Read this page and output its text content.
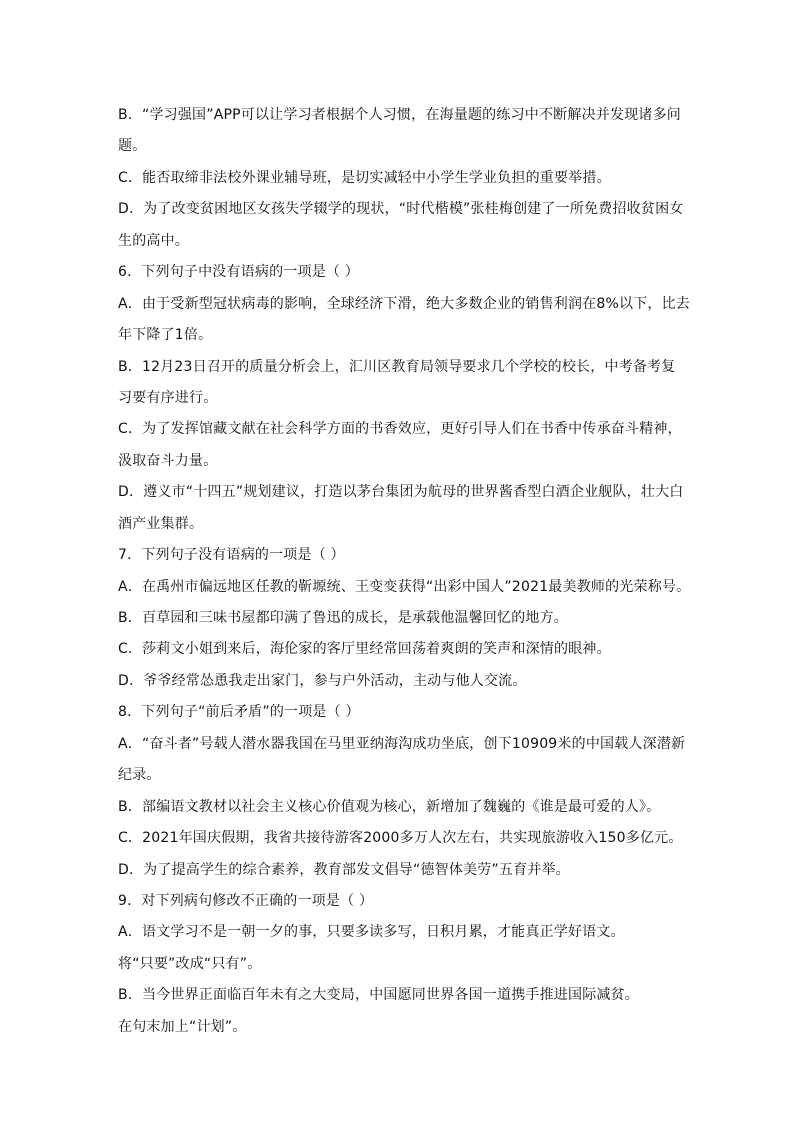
B．“学习强国”APP可以让学习者根据个人习惯，在海量题的练习中不断解决并发现诸多问
题。
C．能否取缔非法校外课业辅导班，是切实减轻中小学生学业负担的重要举措。
D．为了改变贫困地区女孩失学辍学的现状，“时代楷模”张桂梅创建了一所免费招收贫困女
生的高中。
6．下列句子中没有语病的一项是（ ）
A．由于受新型冠状病毒的影响，全球经济下滑，绝大多数企业的销售利润在8%以下，比去
年下降了1倍。
B．12月23日召开的质量分析会上，汇川区教育局领导要求几个学校的校长，中考备考复
习要有序进行。
C．为了发挥馆藏文献在社会科学方面的书香效应，更好引导人们在书香中传承奋斗精神，
汲取奋斗力量。
D．遵义市“十四五”规划建议，打造以茅台集团为航母的世界酱香型白酒企业舰队，壮大白
酒产业集群。
7．下列句子没有语病的一项是（ ）
A．在禹州市偏远地区任教的靳塬统、王变变获得“出彩中国人”2021最美教师的光荣称号。
B．百草园和三味书屋都印满了鲁迅的成长，是承载他温馨回忆的地方。
C．莎莉文小姐到来后，海伦家的客厅里经常回荡着爽朗的笑声和深情的眼神。
D．爷爷经常怂恿我走出家门，参与户外活动，主动与他人交流。
8．下列句子“前后矛盾”的一项是（ ）
A．“奋斗者”号载人潜水器我国在马里亚纳海沟成功坐底，创下10909米的中国载人深潜新
纪录。
B．部编语文教材以社会主义核心价值观为核心，新增加了魏巍的《谁是最可爱的人》。
C．2021年国庆假期，我省共接待游客2000多万人次左右，共实现旅游收入150多亿元。
D．为了提高学生的综合素养，教育部发文倡导“德智体美劳”五育并举。
9．对下列病句修改不正确的一项是（ ）
A．语文学习不是一朝一夕的事，只要多读多写，日积月累，才能真正学好语文。
将“只要”改成“只有”。
B．当今世界正面临百年未有之大变局，中国愿同世界各国一道携手推进国际减贫。
在句末加上“计划”。
